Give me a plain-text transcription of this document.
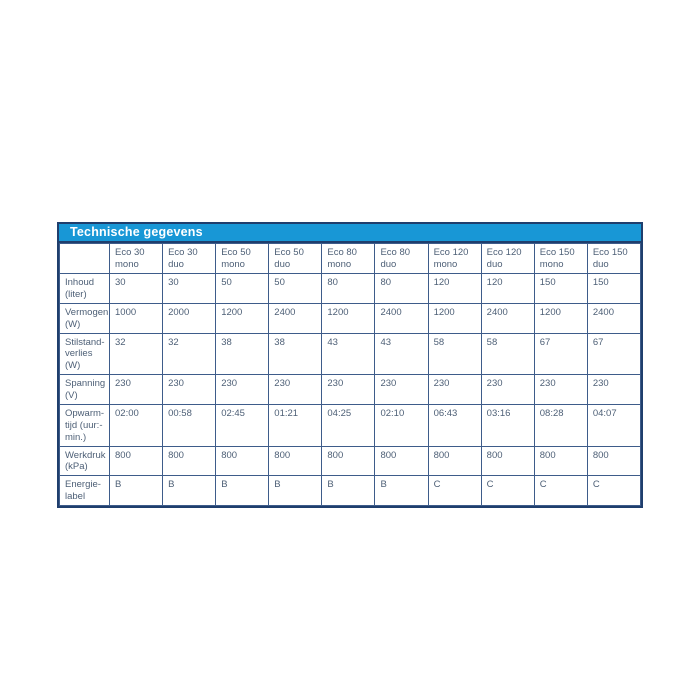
Technische gegevens
	Eco 30 mono	Eco 30 duo	Eco 50 mono	Eco 50 duo	Eco 80 mono	Eco 80 duo	Eco 120 mono	Eco 120 duo	Eco 150 mono	Eco 150 duo
Inhoud (liter)	30	30	50	50	80	80	120	120	150	150
Vermogen (W)	1000	2000	1200	2400	1200	2400	1200	2400	1200	2400
Stilstand-verlies (W)	32	32	38	38	43	43	58	58	67	67
Spanning (V)	230	230	230	230	230	230	230	230	230	230
Opwarm-tijd (uur:-min.)	02:00	00:58	02:45	01:21	04:25	02:10	06:43	03:16	08:28	04:07
Werkdruk (kPa)	800	800	800	800	800	800	800	800	800	800
Energie-label	B	B	B	B	B	B	C	C	C	C
